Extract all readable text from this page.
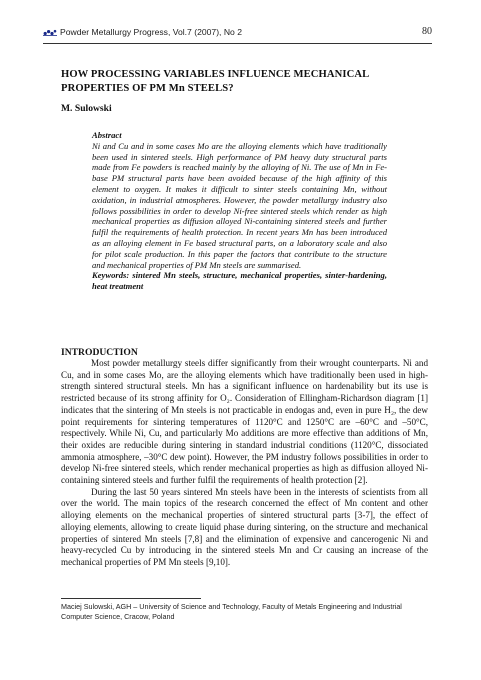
Powder Metallurgy Progress, Vol.7 (2007), No 2	80
HOW PROCESSING VARIABLES INFLUENCE MECHANICAL
PROPERTIES OF PM Mn STEELS?
M. Sulowski

Abstract

Ni and Cu and in some cases Mo are the alloying elements which have traditionally been used in sintered steels. High performance of PM heavy duty structural parts made from Fe powders is reached mainly by the alloying of Ni. The use of Mn in Fe-base PM structural parts have been avoided because of the high affinity of this element to oxygen. It makes it difficult to sinter steels containing Mn, without oxidation, in industrial atmospheres. However, the powder metallurgy industry also follows possibilities in order to develop Ni-free sintered steels which render as high mechanical properties as diffusion alloyed Ni-containing sintered steels and further fulfil the requirements of health protection. In recent years Mn has been introduced as an alloying element in Fe based structural parts, on a laboratory scale and also for pilot scale production. In this paper the factors that contribute to the structure and mechanical properties of PM Mn steels are summarised.

Keywords: sintered Mn steels, structure, mechanical properties, sinter-hardening, heat treatment

INTRODUCTION

Most powder metallurgy steels differ significantly from their wrought counterparts. Ni and Cu, and in some cases Mo, are the alloying elements which have traditionally been used in high-strength sintered structural steels. Mn has a significant influence on hardenability but its use is restricted because of its strong affinity for O₂. Consideration of Ellingham-Richardson diagram [1] indicates that the sintering of Mn steels is not practicable in endogas and, even in pure H₂, the dew point requirements for sintering temperatures of 1120°C and 1250°C are –60°C and –50°C, respectively. While Ni, Cu, and particularly Mo additions are more effective than additions of Mn, their oxides are reducible during sintering in standard industrial conditions (1120°C, dissociated ammonia atmosphere, –30°C dew point). However, the PM industry follows possibilities in order to develop Ni-free sintered steels, which render mechanical properties as high as diffusion alloyed Ni-containing sintered steels and further fulfil the requirements of health protection [2].

During the last 50 years sintered Mn steels have been in the interests of scientists from all over the world. The main topics of the research concerned the effect of Mn content and other alloying elements on the mechanical properties of sintered structural parts [3-7], the effect of alloying elements, allowing to create liquid phase during sintering, on the structure and mechanical properties of sintered Mn steels [7,8] and the elimination of expensive and cancerogenic Ni and heavy-recycled Cu by introducing in the sintered steels Mn and Cr causing an increase of the mechanical properties of PM Mn steels [9,10].

Maciej Sulowski, AGH – University of Science and Technology, Faculty of Metals Engineering and Industrial Computer Science, Cracow, Poland
